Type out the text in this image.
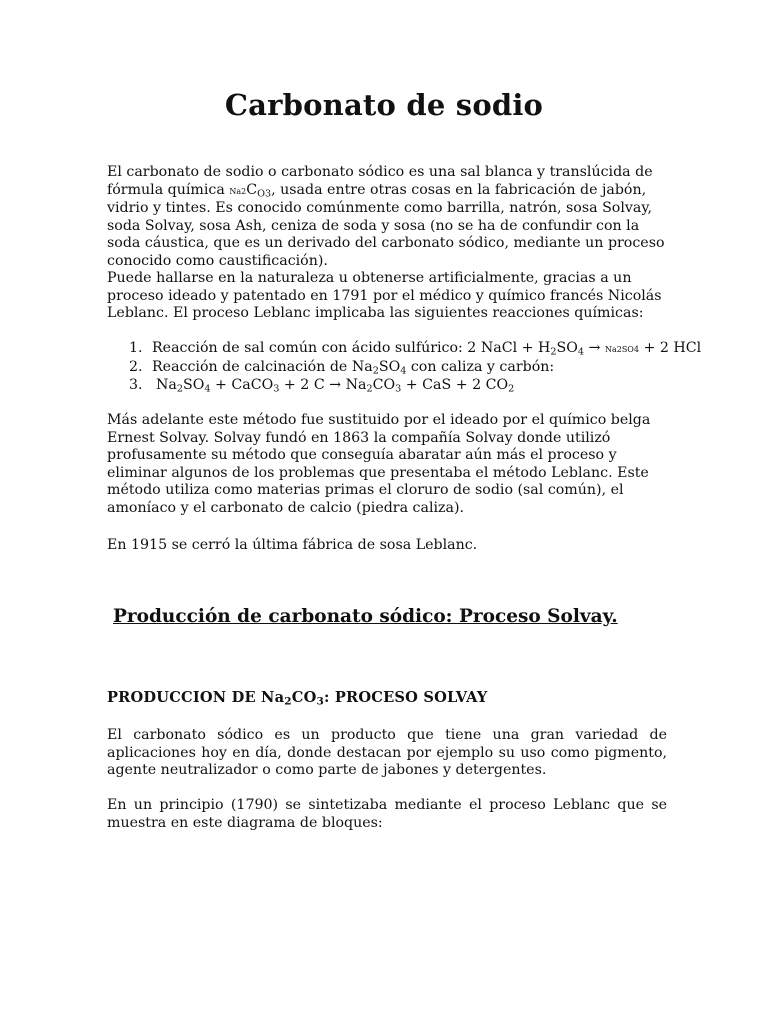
Carbonato de sodio

El carbonato de sodio o carbonato sódico es una sal blanca y translúcida de fórmula química $Na2C_{O3}$, usada entre otras cosas en la fabricación de jabón, vidrio y tintes. Es conocido comúnmente como barrilla, natrón, sosa Solvay, soda Solvay, sosa Ash, ceniza de soda y sosa (no se ha de confundir con la soda cáustica, que es un derivado del carbonato sódico, mediante un proceso conocido como caustificación).

Puede hallarse en la naturaleza u obtenerse artificialmente, gracias a un proceso ideado y patentado en 1791 por el médico y químico francés Nicolás Leblanc. El proceso Leblanc implicaba las siguientes reacciones químicas:

1. Reacción de sal común con ácido sulfúrico: 2 NaCl + $H_2SO_4 \to Na2SO4 + 2$ HCl
2. Reacción de calcinación de $Na_2SO_4$ con caliza y carbón:
3. $Na_2SO_4$ + CaCO$_3$ + 2 $C \to Na_2CO_3$ + CaS + 2 $CO_2$

Más adelante este método fue sustituido por el ideado por el químico belga Ernest Solvay. Solvay fundó en 1863 la compañía Solvay donde utilizó profusamente su método que conseguía abaratar aún más el proceso y eliminar algunos de los problemas que presentaba el método Leblanc. Este método utiliza como materias primas el cloruro de sodio (sal común), el amoníaco y el carbonato de calcio (piedra caliza).

En 1915 se cerró la última fábrica de sosa Leblanc.

Producción de carbonato sódico: Proceso Solvay.
PRODUCCION DE $Na_2CO_3$: PROCESO SOLVAY

El carbonato sódico es un producto que tiene una gran variedad de aplicaciones hoy en día, donde destacan por ejemplo su uso como pigmento, agente neutralizador o como parte de jabones y detergentes.

En un principio (1790) se sintetizaba mediante el proceso Leblanc que se muestra en este diagrama de bloques:
